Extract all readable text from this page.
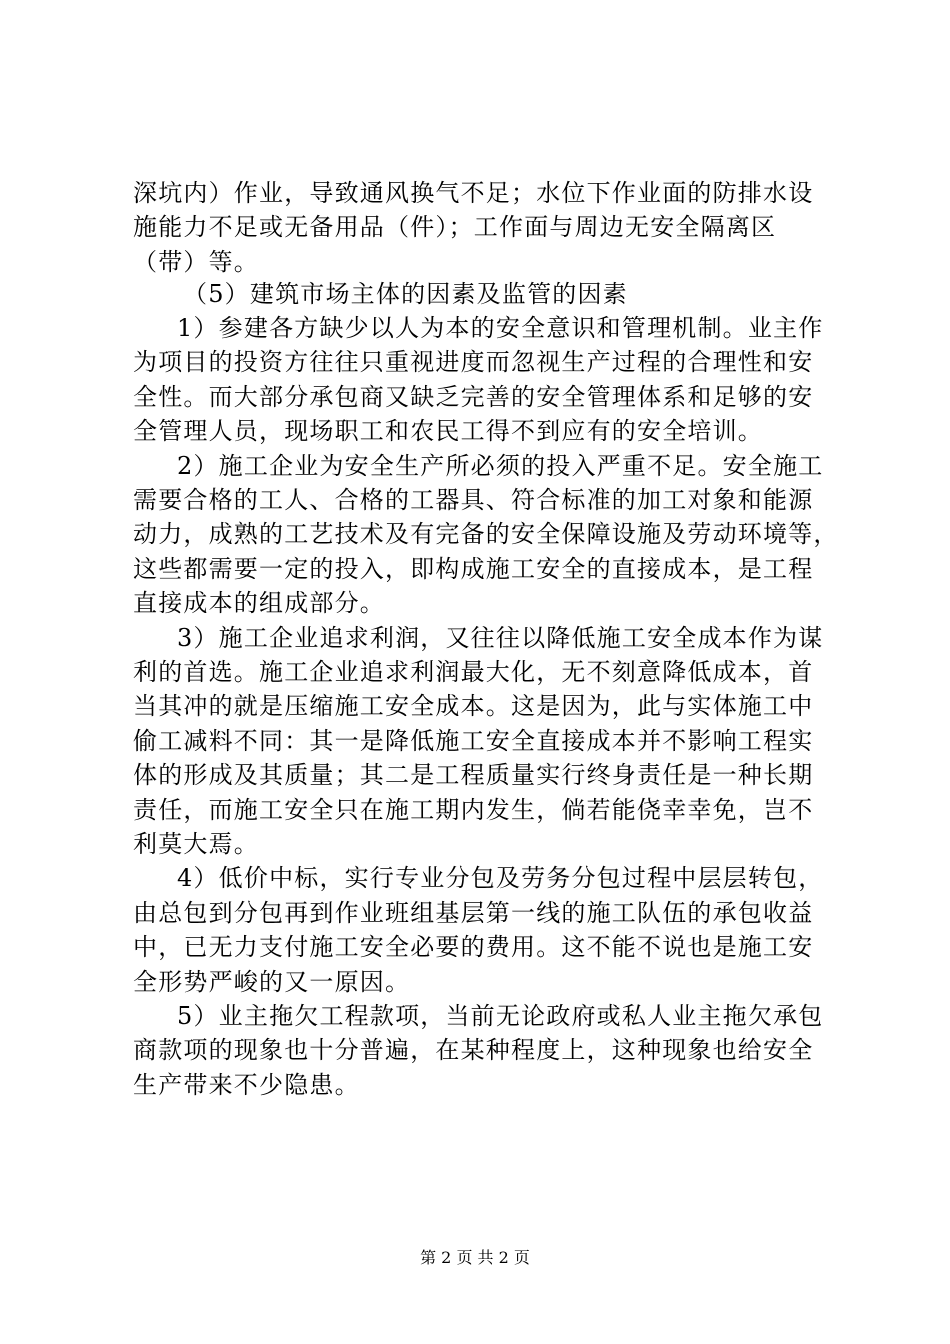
深坑内）作业，导致通风换气不足；水位下作业面的防排水设
施能力不足或无备用品（件）；工作面与周边无安全隔离区
（带）等。
（5）建筑市场主体的因素及监管的因素
1）参建各方缺少以人为本的安全意识和管理机制。业主作
为项目的投资方往往只重视进度而忽视生产过程的合理性和安
全性。而大部分承包商又缺乏完善的安全管理体系和足够的安
全管理人员，现场职工和农民工得不到应有的安全培训。
2）施工企业为安全生产所必须的投入严重不足。安全施工
需要合格的工人、合格的工器具、符合标准的加工对象和能源
动力，成熟的工艺技术及有完备的安全保障设施及劳动环境等，
这些都需要一定的投入，即构成施工安全的直接成本，是工程
直接成本的组成部分。
3）施工企业追求利润，又往往以降低施工安全成本作为谋
利的首选。施工企业追求利润最大化，无不刻意降低成本，首
当其冲的就是压缩施工安全成本。这是因为，此与实体施工中
偷工减料不同：其一是降低施工安全直接成本并不影响工程实
体的形成及其质量；其二是工程质量实行终身责任是一种长期
责任，而施工安全只在施工期内发生，倘若能侥幸幸免，岂不
利莫大焉。
4）低价中标，实行专业分包及劳务分包过程中层层转包，
由总包到分包再到作业班组基层第一线的施工队伍的承包收益
中，已无力支付施工安全必要的费用。这不能不说也是施工安
全形势严峻的又一原因。
5）业主拖欠工程款项，当前无论政府或私人业主拖欠承包
商款项的现象也十分普遍，在某种程度上，这种现象也给安全
生产带来不少隐患。
第 2 页 共 2 页
